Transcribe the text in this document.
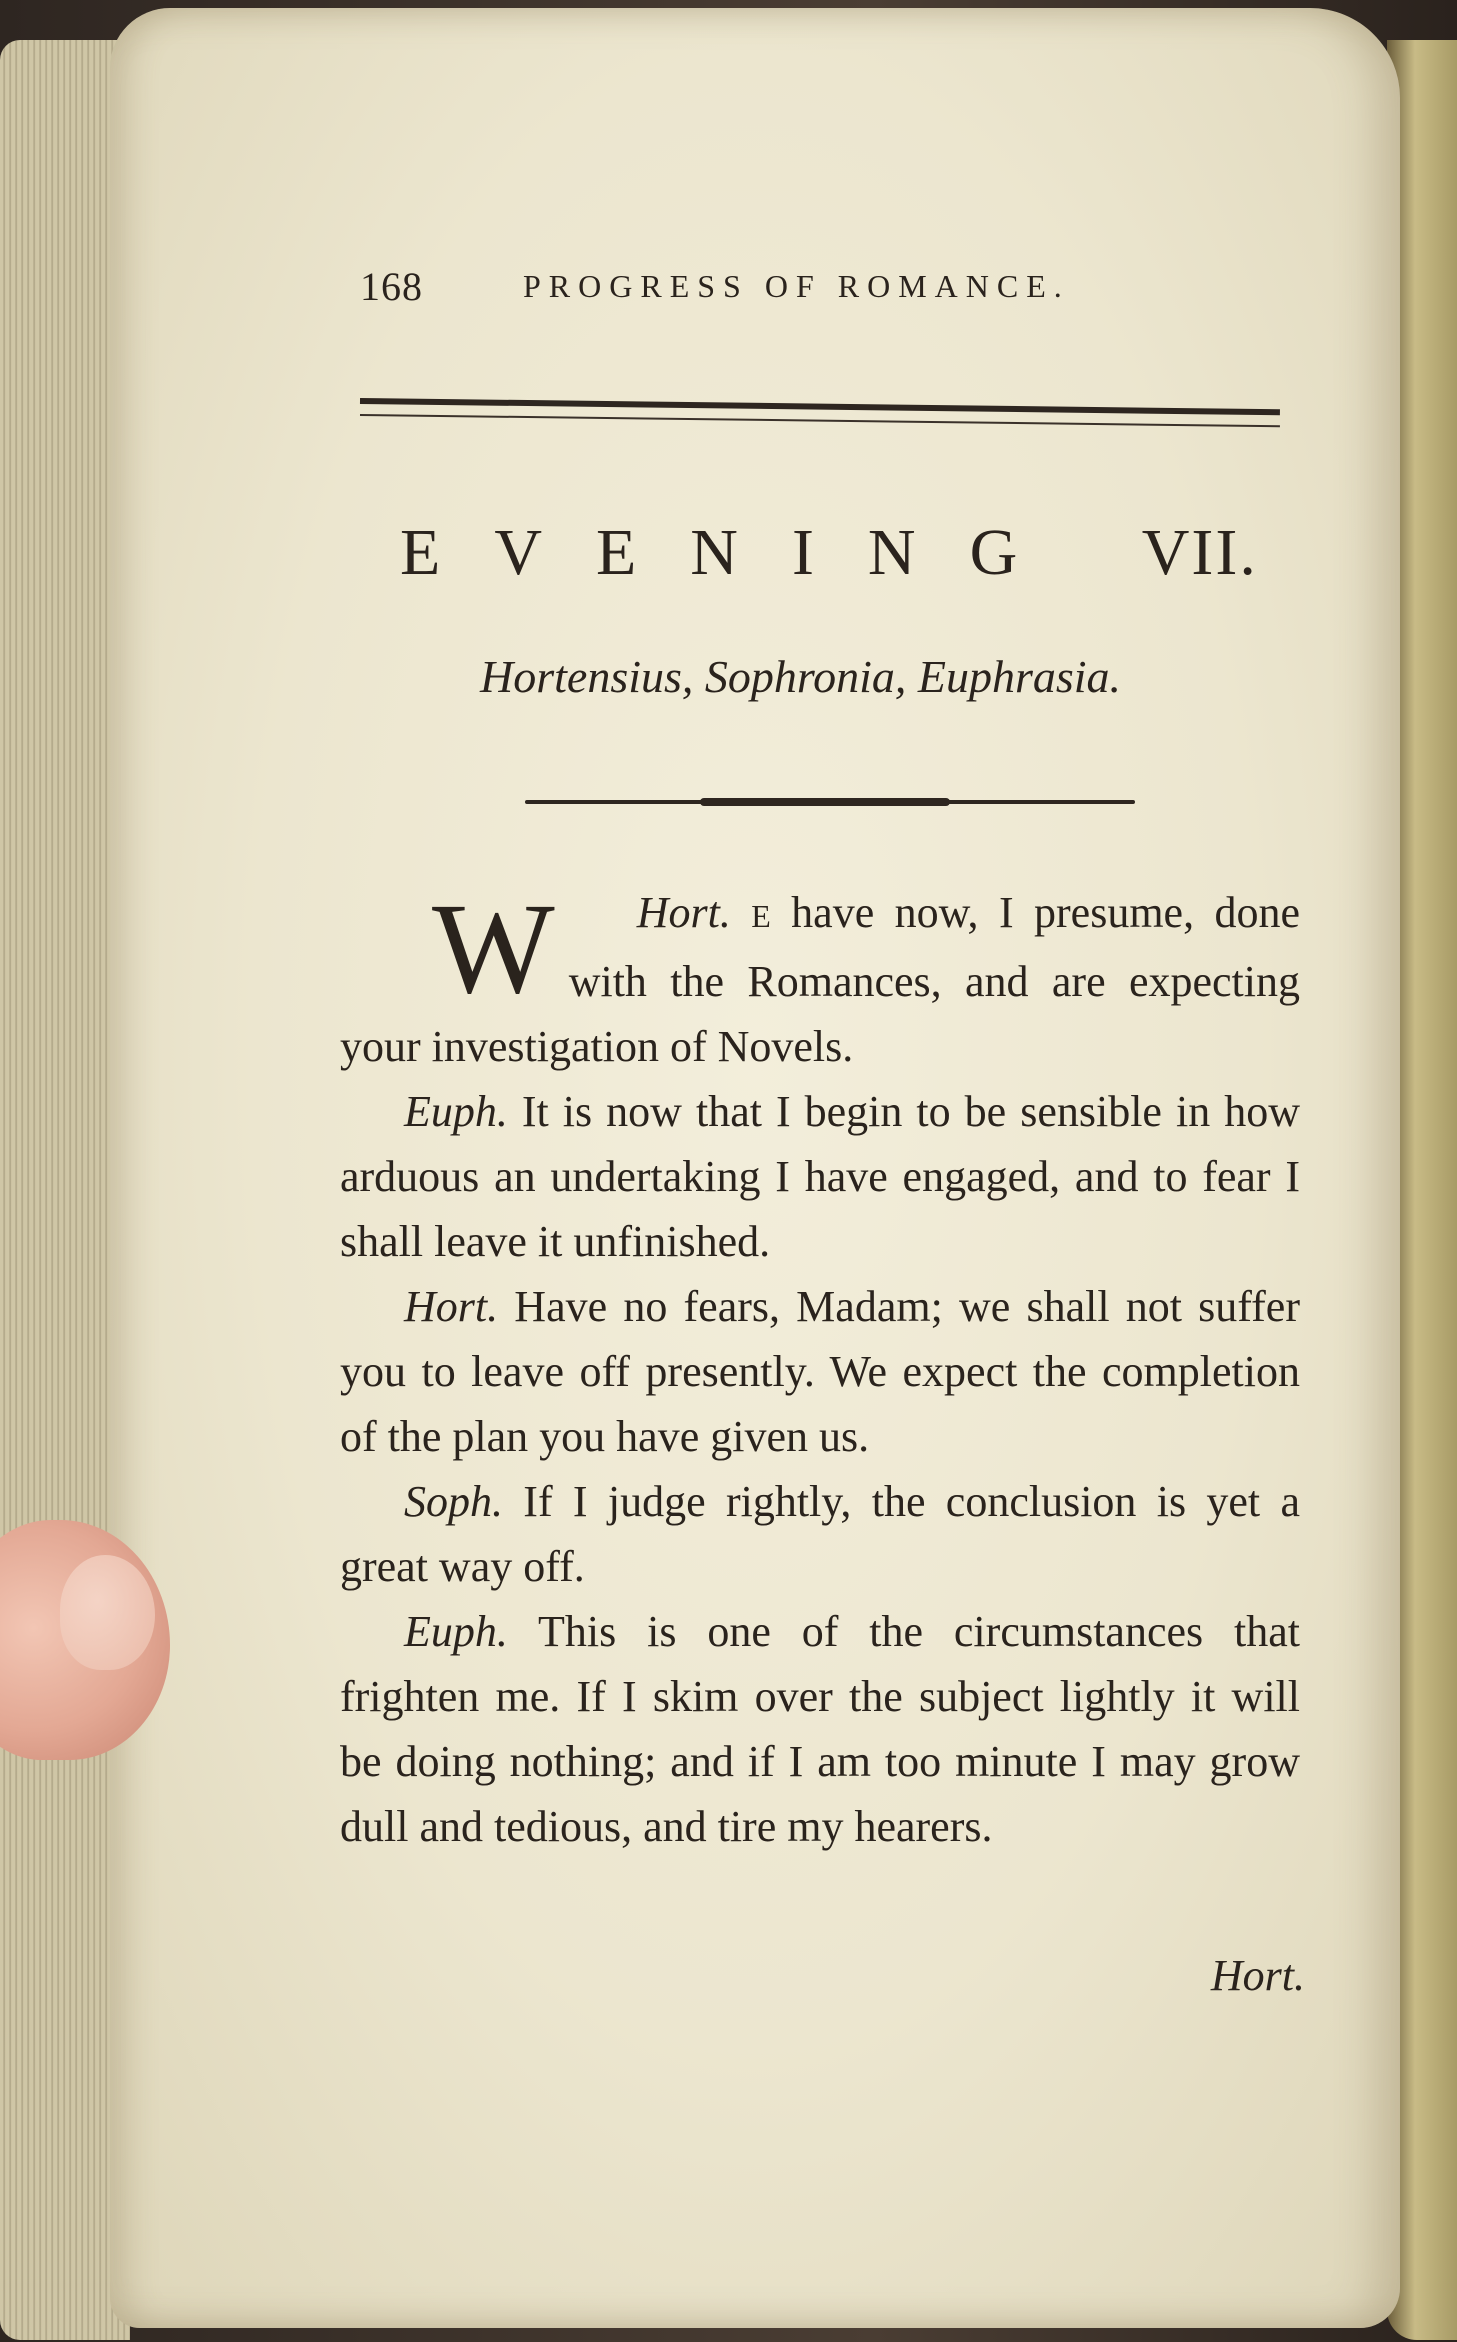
168	PROGRESS OF ROMANCE.
EVENING VII.
Hortensius, Sophronia, Euphrasia.

Hort.
W	E have now, I presume, done with the Romances, and are expecting your investigation of Novels.

Euph. It is now that I begin to be sensible in how arduous an undertaking I have engaged, and to fear I shall leave it unfinished.

Hort. Have no fears, Madam; we shall not suffer you to leave off presently. We expect the completion of the plan you have given us.

Soph. If I judge rightly, the conclusion is yet a great way off.

Euph. This is one of the circumstances that frighten me. If I skim over the subject lightly it will be doing nothing; and if I am too minute I may grow dull and tedious, and tire my hearers.

Hort.
